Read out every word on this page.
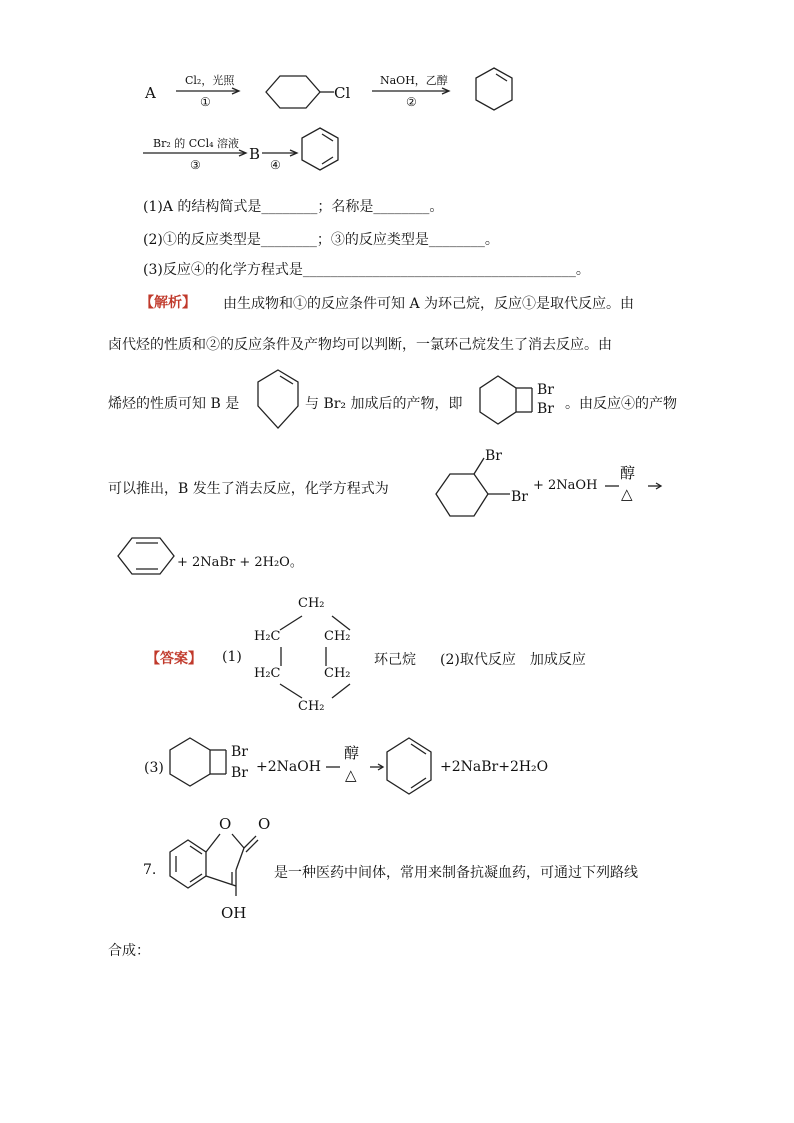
A
Cl₂，光照
①	Cl
NaOH，乙醇
②
Br₂ 的 CCl₄ 溶液
③
B
④
(1)A 的结构简式是________；名称是________。
(2)①的反应类型是________；③的反应类型是________。
(3)反应④的化学方程式是_______________________________________。
【解析】 由生成物和①的反应条件可知 A 为环己烷，反应①是取代反应。由
卤代烃的性质和②的反应条件及产物均可以判断，一氯环己烷发生了消去反应。由
烯烃的性质可知 B 是	与 Br₂ 加成后的产物，即
Br
Br 。由反应④的产物
可以推出，B 发生了消去反应，化学方程式为
Br
Br
+ 2NaOH
醇
△
+ 2NaBr + 2H₂O。
【答案】 (1)
CH₂
H₂C	CH₂
H₂C	CH₂
CH₂
环己烷 (2)取代反应　加成反应
(3)
Br
Br +2NaOH
醇
△	+2NaBr+2H₂O
7.
O O
OH
是一种医药中间体，常用来制备抗凝血药，可通过下列路线
合成：
